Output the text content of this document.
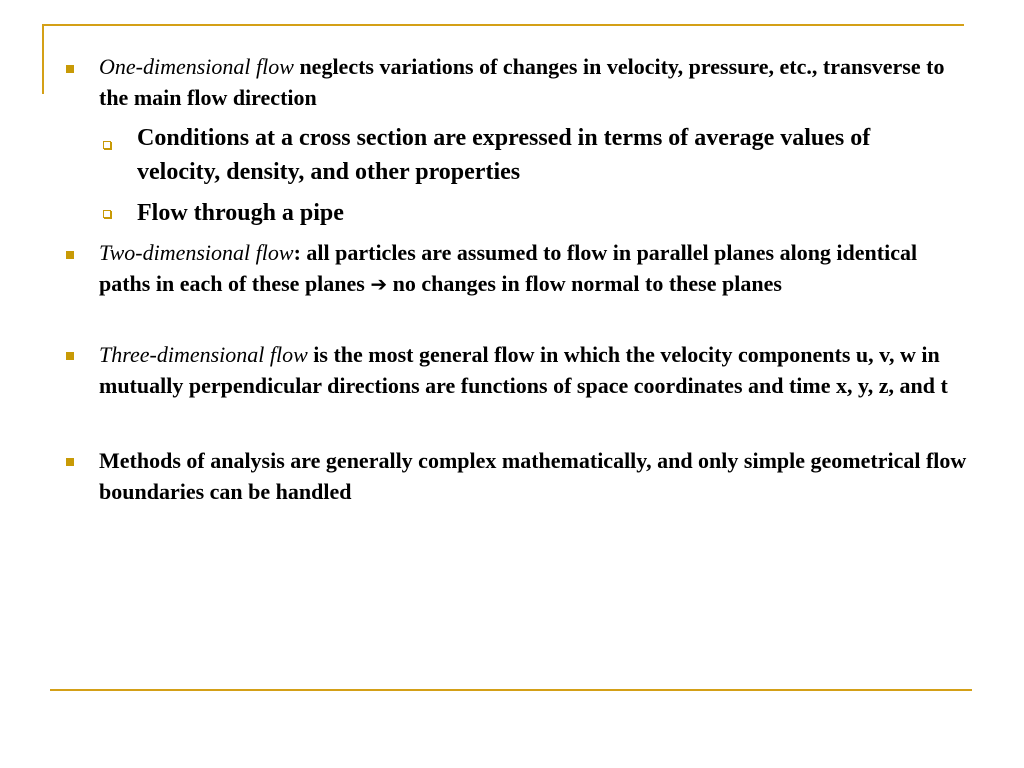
One-dimensional flow neglects variations of changes in velocity, pressure, etc., transverse to the main flow direction
Conditions at a cross section are expressed in terms of average values of velocity, density, and other properties
Flow through a pipe
Two-dimensional flow: all particles are assumed to flow in parallel planes along identical paths in each of these planes ➔ no changes in flow normal to these planes
Three-dimensional flow is the most general flow in which the velocity components u, v, w in mutually perpendicular directions are functions of space coordinates and time x, y, z, and t
Methods of analysis are generally complex mathematically, and only simple geometrical flow boundaries can be handled
